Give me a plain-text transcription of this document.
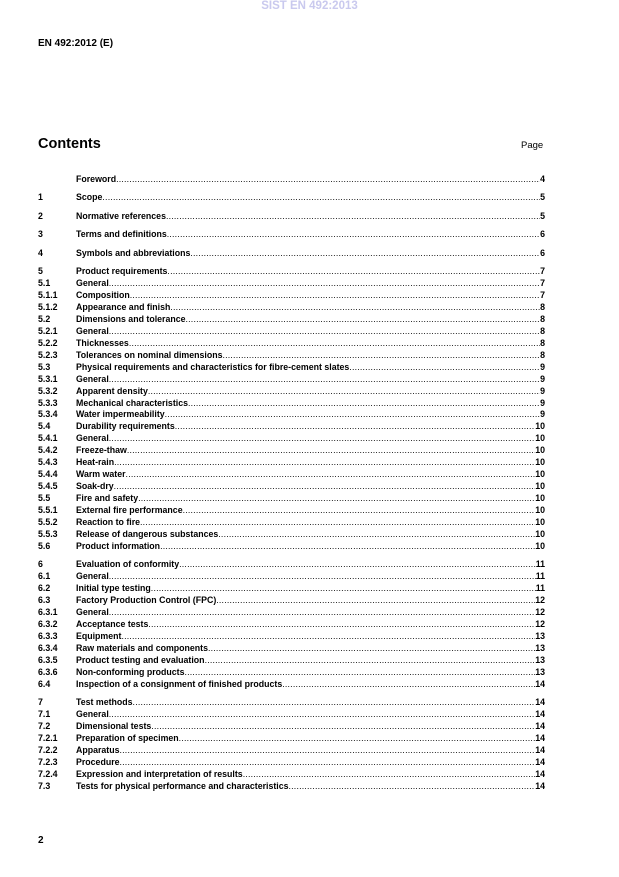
SIST EN 492:2013
EN 492:2012 (E)
Contents	Page
Foreword .....	4
1	Scope .....	5
2	Normative references .....	5
3	Terms and definitions .....	6
4	Symbols and abbreviations .....	6
5	Product requirements .....	7
5.1	General .....	7
5.1.1	Composition .....	7
5.1.2	Appearance and finish .....	8
5.2	Dimensions and tolerance .....	8
5.2.1	General .....	8
5.2.2	Thicknesses .....	8
5.2.3	Tolerances on nominal dimensions .....	8
5.3	Physical requirements and characteristics for fibre-cement slates .....	9
5.3.1	General .....	9
5.3.2	Apparent density .....	9
5.3.3	Mechanical characteristics .....	9
5.3.4	Water impermeability .....	9
5.4	Durability requirements .....	10
5.4.1	General .....	10
5.4.2	Freeze-thaw .....	10
5.4.3	Heat-rain .....	10
5.4.4	Warm water .....	10
5.4.5	Soak-dry .....	10
5.5	Fire and safety .....	10
5.5.1	External fire performance .....	10
5.5.2	Reaction to fire .....	10
5.5.3	Release of dangerous substances .....	10
5.6	Product information .....	10
6	Evaluation of conformity .....	11
6.1	General .....	11
6.2	Initial type testing .....	11
6.3	Factory Production Control (FPC) .....	12
6.3.1	General .....	12
6.3.2	Acceptance tests .....	12
6.3.3	Equipment .....	13
6.3.4	Raw materials and components .....	13
6.3.5	Product testing and evaluation .....	13
6.3.6	Non-conforming products .....	13
6.4	Inspection of a consignment of finished products .....	14
7	Test methods .....	14
7.1	General .....	14
7.2	Dimensional tests .....	14
7.2.1	Preparation of specimen .....	14
7.2.2	Apparatus .....	14
7.2.3	Procedure .....	14
7.2.4	Expression and interpretation of results .....	14
7.3	Tests for physical performance and characteristics .....	14
2
